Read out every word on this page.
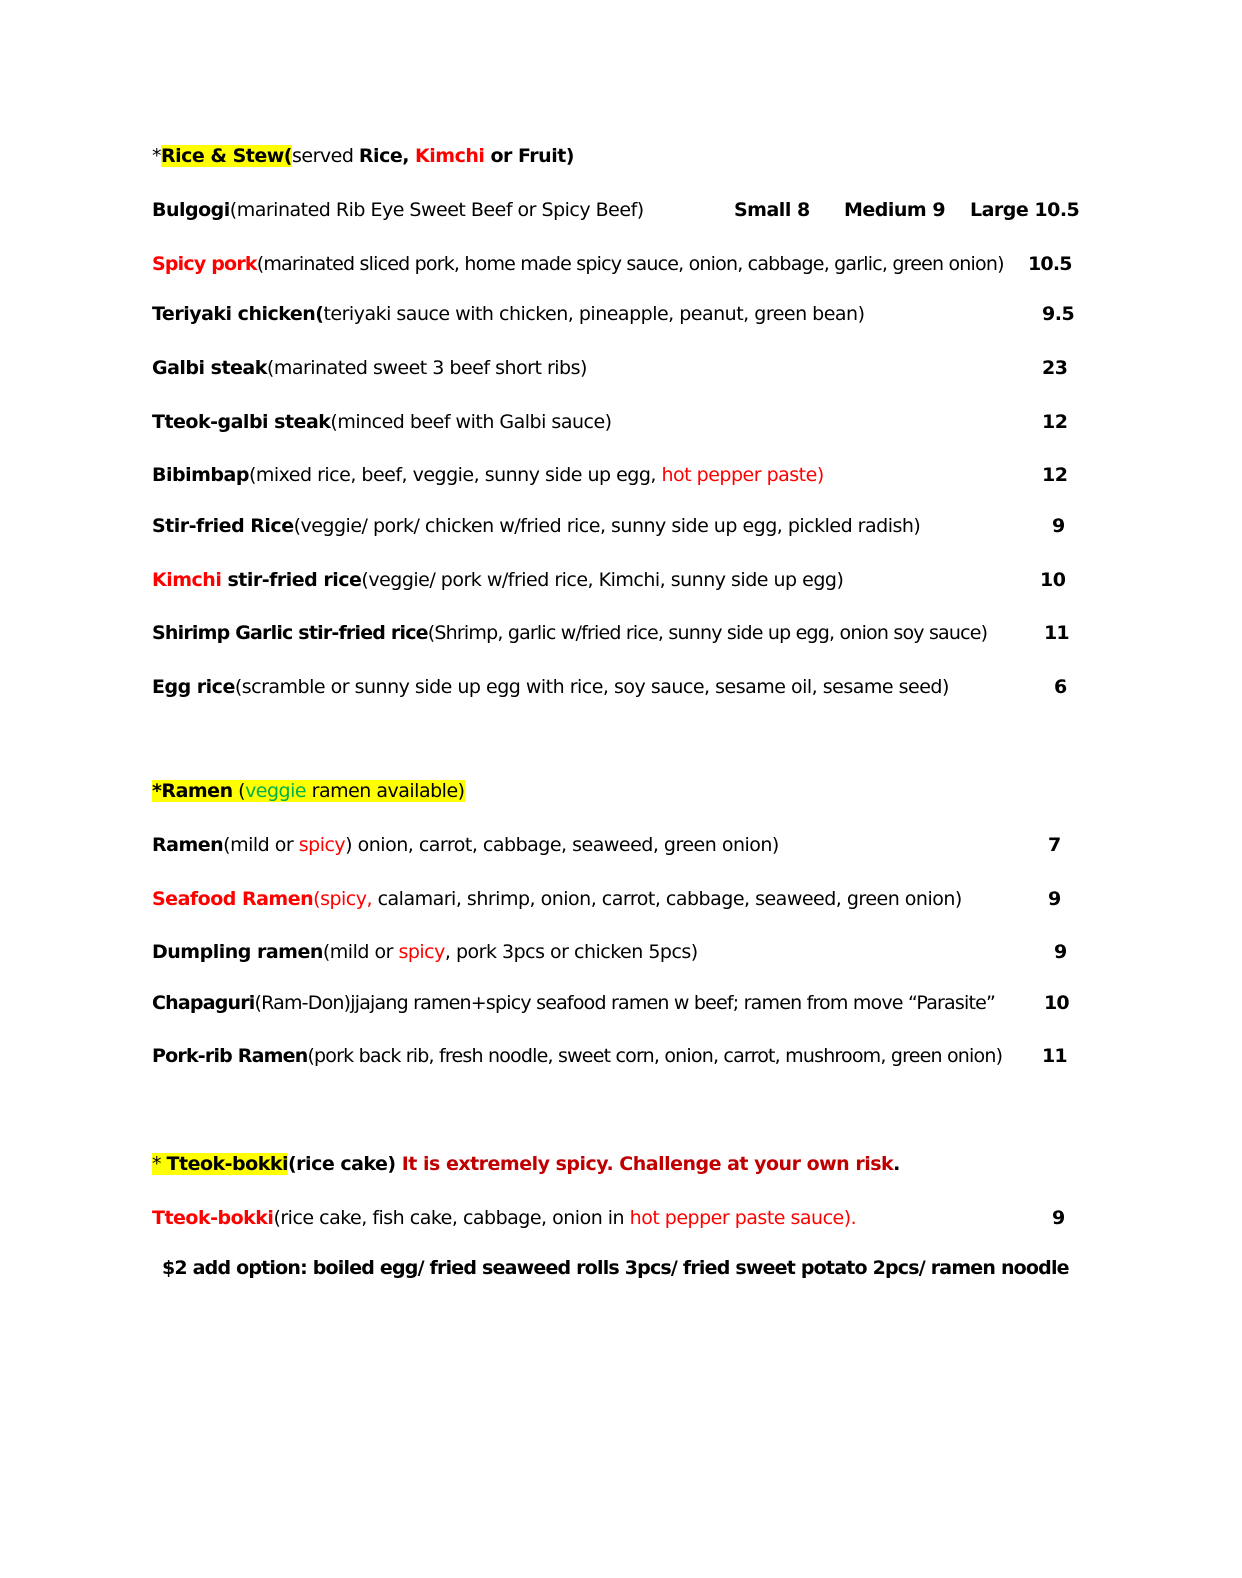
*Rice & Stew(served Rice, Kimchi or Fruit)
Bulgogi(marinated Rib Eye Sweet Beef or Spicy Beef)	Small 8 Medium 9 Large 10.5
Spicy pork(marinated sliced pork, home made spicy sauce, onion, cabbage, garlic, green onion) 10.5
Teriyaki chicken(teriyaki sauce with chicken, pineapple, peanut, green bean)	9.5
Galbi steak(marinated sweet 3 beef short ribs)	23
Tteok-galbi steak(minced beef with Galbi sauce)	12
Bibimbap(mixed rice, beef, veggie, sunny side up egg, hot pepper paste)	12
Stir-fried Rice(veggie/ pork/ chicken w/fried rice, sunny side up egg, pickled radish)	9
Kimchi stir-fried rice(veggie/ pork w/fried rice, Kimchi, sunny side up egg)	10
Shirimp Garlic stir-fried rice(Shrimp, garlic w/fried rice, sunny side up egg, onion soy sauce)	11
Egg rice(scramble or sunny side up egg with rice, soy sauce, sesame oil, sesame seed)	6
*Ramen (veggie ramen available)
Ramen(mild or spicy) onion, carrot, cabbage, seaweed, green onion)	7
Seafood Ramen(spicy, calamari, shrimp, onion, carrot, cabbage, seaweed, green onion)	9
Dumpling ramen(mild or spicy, pork 3pcs or chicken 5pcs)	9
Chapaguri(Ram-Don)jjajang ramen+spicy seafood ramen w beef; ramen from move “Parasite”	10
Pork-rib Ramen(pork back rib, fresh noodle, sweet corn, onion, carrot, mushroom, green onion) 11
* Tteok-bokki(rice cake) It is extremely spicy. Challenge at your own risk.
Tteok-bokki(rice cake, fish cake, cabbage, onion in hot pepper paste sauce).	9
$2 add option: boiled egg/ fried seaweed rolls 3pcs/ fried sweet potato 2pcs/ ramen noodle
